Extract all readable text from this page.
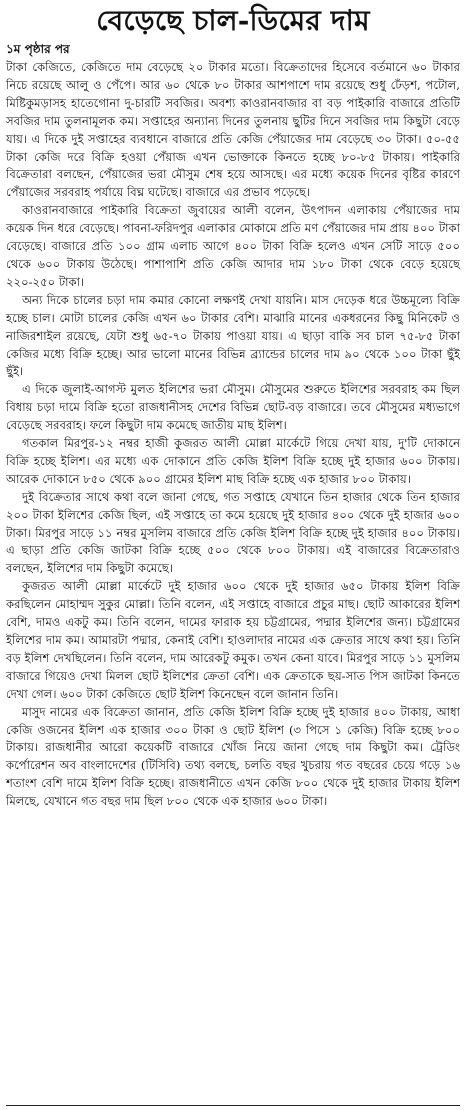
বেড়েছে চাল-ডিমের দাম
১ম পৃষ্ঠার পর

টাকা কেজিতে, কেজিতে দাম বেড়েছে ২০ টাকার মতো। বিক্রেতাদের হিসেবে বর্তমানে ৬০ টাকার নিচে রয়েছে আলু ও পেঁপে। আর ৬০ থেকে ৮০ টাকার আশপাশে দাম রয়েছে শুধু ঢেঁড়শ, পটোল, মিষ্টিকুমড়াসহ হাতেগোনা দু-চারটি সবজির। অবশ্য কাওরানবাজার বা বড় পাইকারি বাজারে প্রতিটি সবজির দাম তুলনামূলক কম। সপ্তাহের অন্যান্য দিনের তুলনায় ছুটির দিনে সবজির দাম কিছুটা বেড়ে যায়। এ দিকে দুই সপ্তাহের ব্যবধানে বাজারে প্রতি কেজি পেঁয়াজের দাম বেড়েছে ৩০ টাকা। ৫০-৫৫ টাকা কেজি দরে বিক্রি হওয়া পেঁয়াজ এখন ভোক্তাকে কিনতে হচ্ছে ৮০-৮৫ টাকায়। পাইকারি বিক্রেতারা বলছেন, পেঁয়াজের ভরা মৌসুম শেষ হয়ে আসছে। এর মধ্যে কয়েক দিনের বৃষ্টির কারণে পেঁয়াজের সরবরাহ পর্যায়ে বিঘ্ন ঘটেছে। বাজারে এর প্রভাব পড়েছে।

কাওরানবাজারে পাইকারি বিক্রেতা জুবায়ের আলী বলেন, উৎপাদন এলাকায় পেঁয়াজের দাম কয়েক দিন ধরে বেড়েছে। পাবনা-ফরিদপুর এলাকার মোকামে প্রতি মণ পেঁয়াজের দাম প্রায় ৪০০ টাকা বেড়েছে। বাজারে প্রতি ১০০ গ্রাম এলাচ আগে ৪০০ টাকা বিক্রি হলেও এখন সেটি সাড়ে ৫০০ থেকে ৬০০ টাকায় উঠেছে। পাশাপাশি প্রতি কেজি আদার দাম ১৮০ টাকা থেকে বেড়ে হয়েছে ২২০-২৫০ টাকা।

অন্য দিকে চালের চড়া দাম কমার কোনো লক্ষণই দেখা যায়নি। মাস দেড়েক ধরে উচ্চমূল্যে বিক্রি হচ্ছে চাল। মোটা চালের কেজি এখন ৬০ টাকার বেশি। মাঝারি মানের একধরনের কিছু মিনিকেট ও নাজিরশাইল রয়েছে, যেটা শুধু ৬৫-৭০ টাকায় পাওয়া যায়। এ ছাড়া বাকি সব চাল ৭৫-৮৫ টাকা কেজির মধ্যে বিক্রি হচ্ছে। আর ভালো মানের বিভিন্ন ব্র্যান্ডের চালের দাম ৯০ থেকে ১০০ টাকা ছুঁই ছুঁই।

এ দিকে জুলাই-আগস্ট মুলত ইলিশের ভরা মৌসুম। মৌসুমের শুরুতে ইলিশের সরবরাহ কম ছিল বিধায় চড়া দামে বিক্রি হতো রাজধানীসহ দেশের বিভিন্ন ছোট-বড় বাজারে। তবে মৌসুমের মধ্যভাগে বেড়েছে সরবরাহ। ফলে কিছুটা দাম কমেছে জাতীয় মাছ ইলিশ।

গতকাল মিরপুর-১২ নম্বর হাজী কুজরত আলী মোল্লা মার্কেটে গিয়ে দেখা যায়, দু'টি দোকানে বিক্রি হচ্ছে ইলিশ। এর মধ্যে এক দোকানে প্রতি কেজি ইলিশ বিক্রি হচ্ছে দুই হাজার ৬০০ টাকায়। আরেক দোকানে ৮৫০ থেকে ৯০০ গ্রামের ইলিশ মাছ বিক্রি হচ্ছে এক হাজার ৮০০ টাকায়।

দুই বিক্রেতার সাথে কথা বলে জানা গেছে, গত সপ্তাহে যেখানে তিন হাজার থেকে তিন হাজার ২০০ টাকা ইলিশের কেজি ছিল, এই সপ্তাহে তা কমে হয়েছে দুই হাজার ৪০০ থেকে দুই হাজার ৬০০ টাকা। মিরপুর সাড়ে ১১ নম্বর মুসলিম বাজারে প্রতি কেজি ইলিশ বিক্রি হচ্ছে দুই হাজার ৪০০ টাকায়। এ ছাড়া প্রতি কেজি জাটকা বিক্রি হচ্ছে ৫০০ থেকে ৮০০ টাকায়। এই বাজারের বিক্রেতারাও বলছেন, ইলিশের দাম কিছুটা কমেছে।

কুজরত আলী মোল্লা মার্কেটে দুই হাজার ৬০০ থেকে দুই হাজার ৬৫০ টাকায় ইলিশ বিক্রি করছিলেন মোহাম্মদ সুকুর মোল্লা। তিনি বলেন, এই সপ্তাহে বাজারে প্রচুর মাছ। ছোট আকারের ইলিশ বেশি, দামও একটু কম। তিনি বলেন, দামের ফারাক হয় চট্টগ্রামের, পদ্মার ইলিশের জন্য। চট্টগ্রামের ইলিশের দাম কম। আমারটা পদ্মার, কেনাই বেশি। হাওলাদার নামের এক ক্রেতার সাথে কথা হয়। তিনি বড় ইলিশ দেখছিলেন। তিনি বলেন, দাম আরেকটু কমুক। তখন কেনা যাবে। মিরপুর সাড়ে ১১ মুসলিম বাজারে গিয়েও দেখা মিলল ছোট ইলিশের ক্রেতা বেশি। এক ক্রেতাকে ছয়-সাত পিস জাটকা কিনতে দেখা গেল। ৬০০ টাকা কেজিতে ছোট ইলিশ কিনেছেন বলে জানান তিনি।

মাসুদ নামের এক বিক্রেতা জানান, প্রতি কেজি ইলিশ বিক্রি হচ্ছে দুই হাজার ৪০০ টাকায়, আধা কেজি ওজনের ইলিশ এক হাজার ৩০০ টাকা ও ছোট ইলিশ (৩ পিসে ১ কেজি) বিক্রি হচ্ছে ৮০০ টাকায়। রাজধানীর আরো কয়েকটি বাজারে খোঁজ নিয়ে জানা গেছে দাম কিছুটা কম। ট্রেডিং কর্পোরেশন অব বাংলাদেশের (টিসিবি) তথ্য বলছে, চলতি বছর খুচরায় গত বছরের চেয়ে গড়ে ১৬ শতাংশ বেশি দামে ইলিশ বিক্রি হচ্ছে। রাজধানীতে এখন কেজি ৮০০ থেকে দুই হাজার টাকায় ইলিশ মিলছে, যেখানে গত বছর দাম ছিল ৮০০ থেকে এক হাজার ৬০০ টাকা।
